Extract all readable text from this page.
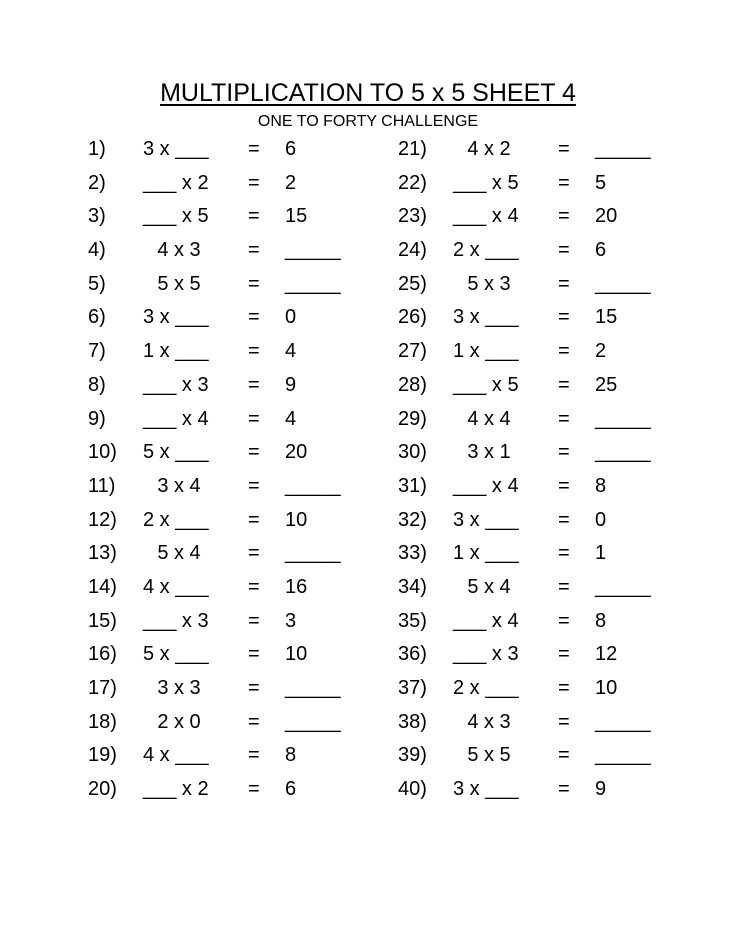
MULTIPLICATION TO 5 x 5 SHEET 4
ONE TO FORTY CHALLENGE
1) 3 x ___	= 6
2) ___ x 2	= 2
3) ___ x 5	= 15
4)	4 x 3	= _____
5)	5 x 5	= _____
6) 3 x ___	= 0
7) 1 x ___	= 4
8) ___ x 3	= 9
9) ___ x 4	= 4
10) 5 x ___	= 20
11)	3 x 4	= _____
12) 2 x ___	= 10
13)	5 x 4	= _____
14) 4 x ___	= 16
15) ___ x 3	= 3
16) 5 x ___	= 10
17)	3 x 3	= _____
18)	2 x 0	= _____
19) 4 x ___	= 8
20) ___ x 2	= 6
21)	4 x 2	= _____
22) ___ x 5	= 5
23) ___ x 4	= 20
24) 2 x ___	= 6
25)	5 x 3	= _____
26) 3 x ___	= 15
27) 1 x ___	= 2
28) ___ x 5	= 25
29)	4 x 4	= _____
30)	3 x 1	= _____
31) ___ x 4	= 8
32) 3 x ___	= 0
33) 1 x ___	= 1
34)	5 x 4	= _____
35) ___ x 4	= 8
36) ___ x 3	= 12
37) 2 x ___	= 10
38)	4 x 3	= _____
39)	5 x 5	= _____
40) 3 x ___	= 9
